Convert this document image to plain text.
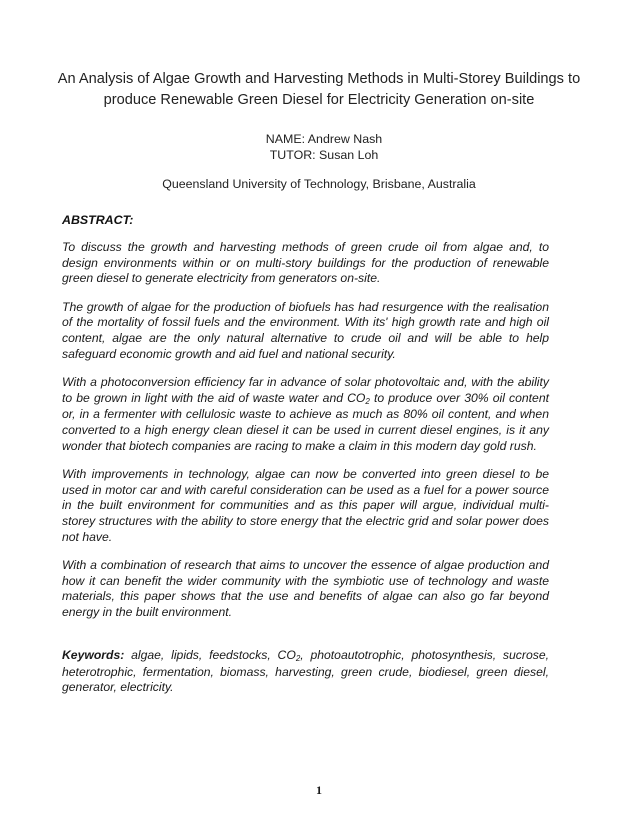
An Analysis of Algae Growth and Harvesting Methods in Multi-Storey Buildings to produce Renewable Green Diesel for Electricity Generation on-site
NAME: Andrew Nash
TUTOR: Susan Loh
Queensland University of Technology, Brisbane, Australia
ABSTRACT:

To discuss the growth and harvesting methods of green crude oil from algae and, to design environments within or on multi-story buildings for the production of renewable green diesel to generate electricity from generators on-site.

The growth of algae for the production of biofuels has had resurgence with the realisation of the mortality of fossil fuels and the environment. With its' high growth rate and high oil content, algae are the only natural alternative to crude oil and will be able to help safeguard economic growth and aid fuel and national security.

With a photoconversion efficiency far in advance of solar photovoltaic and, with the ability to be grown in light with the aid of waste water and $CO_2$ to produce over 30% oil content or, in a fermenter with cellulosic waste to achieve as much as 80% oil content, and when converted to a high energy clean diesel it can be used in current diesel engines, is it any wonder that biotech companies are racing to make a claim in this modern day gold rush.

With improvements in technology, algae can now be converted into green diesel to be used in motor car and with careful consideration can be used as a fuel for a power source in the built environment for communities and as this paper will argue, individual multi-storey structures with the ability to store energy that the electric grid and solar power does not have.

With a combination of research that aims to uncover the essence of algae production and how it can benefit the wider community with the symbiotic use of technology and waste materials, this paper shows that the use and benefits of algae can also go far beyond energy in the built environment.

Keywords: algae, lipids, feedstocks, $CO_2$, photoautotrophic, photosynthesis, sucrose, heterotrophic, fermentation, biomass, harvesting, green crude, biodiesel, green diesel, generator, electricity.
1
